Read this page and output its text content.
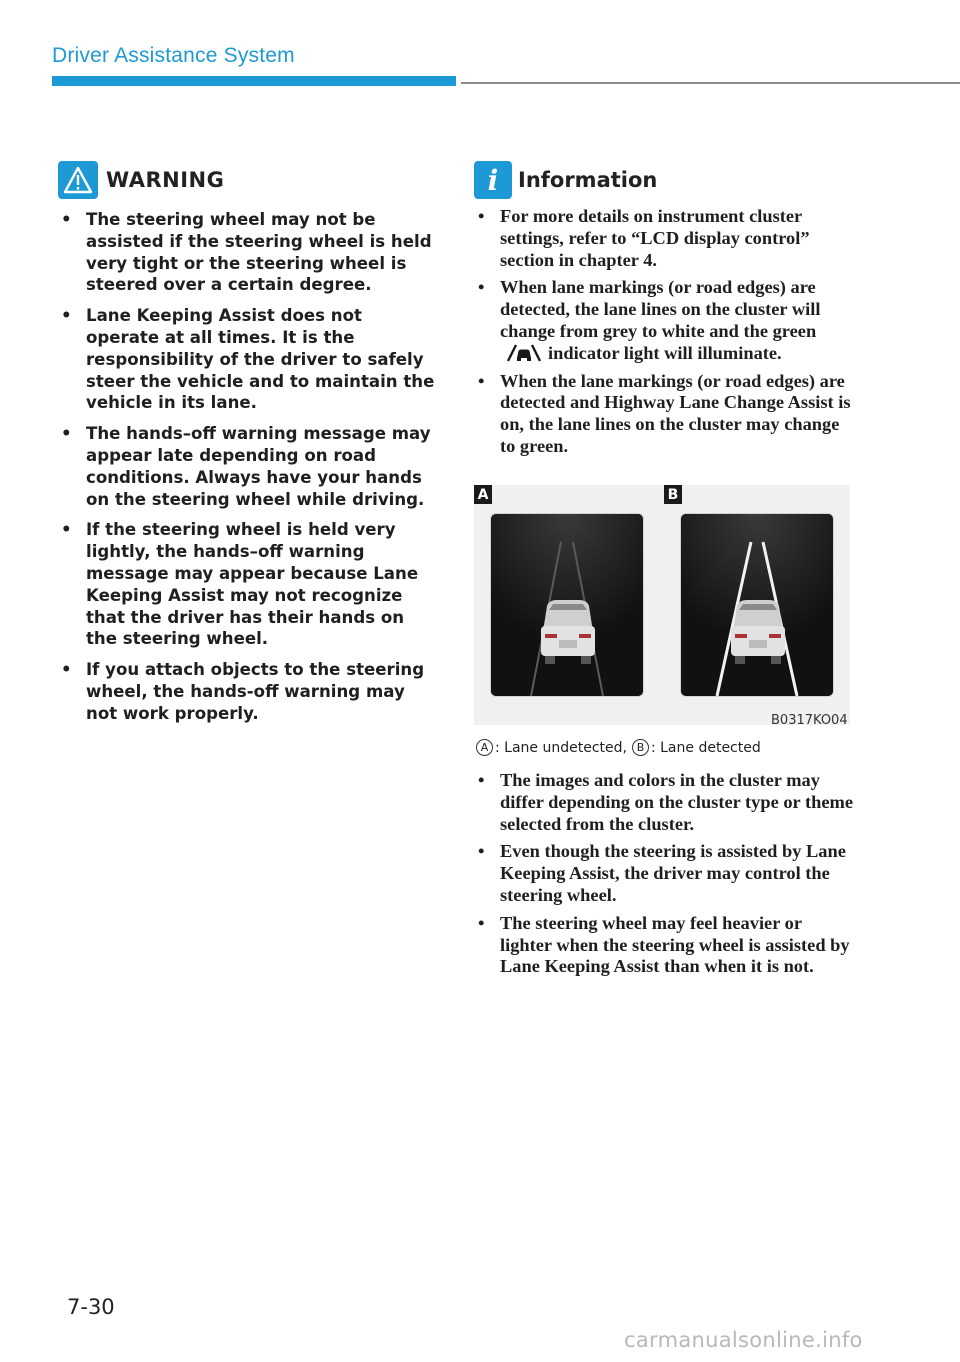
Driver Assistance System
WARNING
• The steering wheel may not be assisted if the steering wheel is held very tight or the steering wheel is steered over a certain degree.
• Lane Keeping Assist does not operate at all times. It is the responsibility of the driver to safely steer the vehicle and to maintain the vehicle in its lane.
• The hands–off warning message may appear late depending on road conditions. Always have your hands on the steering wheel while driving.
• If the steering wheel is held very lightly, the hands–off warning message may appear because Lane Keeping Assist may not recognize that the driver has their hands on the steering wheel.
• If you attach objects to the steering wheel, the hands-off warning may not work properly.
i Information
• For more details on instrument cluster settings, refer to “LCD display control” section in chapter 4.
• When lane markings (or road edges) are detected, the lane lines on the cluster will change from grey to white and the greenindicator light will illuminate.
• When the lane markings (or road edges) are detected and Highway Lane Change Assist is on, the lane lines on the cluster may change to green.
A	B
B0317KO04
A : Lane undetected, B : Lane detected
• The images and colors in the cluster may differ depending on the cluster type or theme selected from the cluster.
• Even though the steering is assisted by Lane Keeping Assist, the driver may control the steering wheel.
• The steering wheel may feel heavier or lighter when the steering wheel is assisted by Lane Keeping Assist than when it is not.
7-30
carmanualsonline.info
